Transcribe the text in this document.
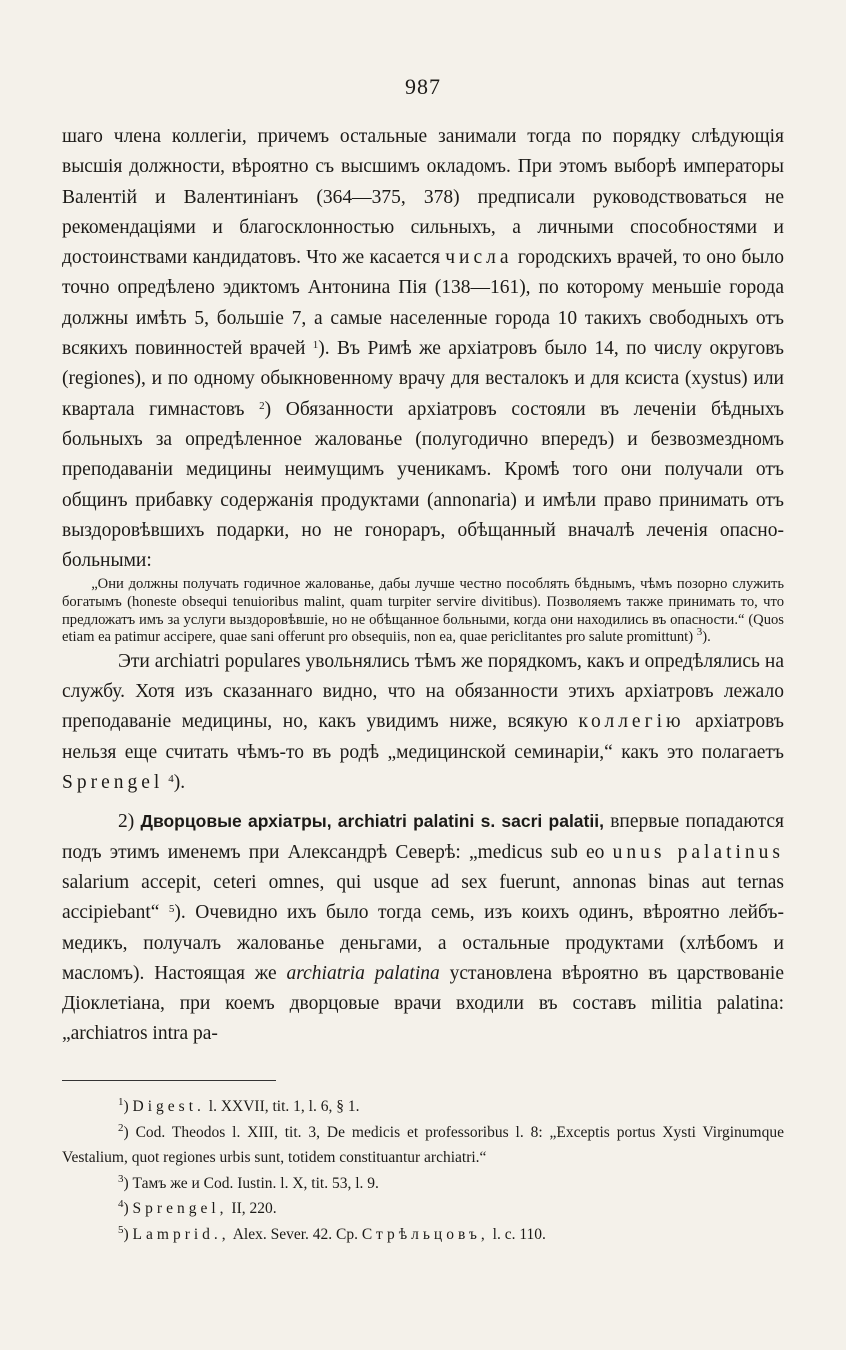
987

шаго члена коллегiи, причемъ остальные занимали тогда по порядку слѣдующiя высшiя должности, вѣроятно съ высшимъ окладомъ. При этомъ выборѣ императоры Валентiй и Валентинiанъ (364—375, 378) предписали руководствоваться не рекомендацiями и благосклонностью сильныхъ, а личными способностями и достоинствами кандидатовъ. Что же касается числа городскихъ врачей, то оно было точно опредѣлено эдиктомъ Антонина Пiя (138—161), по которому меньшiе города должны имѣть 5, большiе 7, а самые населенные города 10 такихъ свободныхъ отъ всякихъ повинностей врачей $^1$). Въ Римѣ же архiатровъ было 14, по числу округовъ (regiones), и по одному обыкновенному врачу для весталокъ и для ксиста (xystus) или квартала гимнастовъ $^2$) Обязанности архiатровъ состояли въ леченiи бѣдныхъ больныхъ за опредѣленное жалованье (полугодично впередъ) и безвозмездномъ преподаванiи медицины неимущимъ ученикамъ. Кромѣ того они получали отъ общинъ прибавку содержанiя продуктами (annonaria) и имѣли право принимать отъ выздоровѣвшихъ подарки, но не гонораръ, обѣщанный вначалѣ леченiя опасно-больными:

„Они должны получать годичное жалованье, дабы лучше честно пособлять бѣднымъ, чѣмъ позорно служить богатымъ (honeste obsequi tenuioribus malint, quam turpiter servire divitibus). Позволяемъ также принимать то, что предложатъ имъ за услуги выздоровѣвшiе, но не обѣщанное больными, когда они находились въ опасности.“ (Quos etiam ea patimur accipere, quae sani offerunt pro obsequiis, non ea, quae periclitantes pro salute promittunt) $^3$).

Эти archiatri populares увольнялись тѣмъ же порядкомъ, какъ и опредѣлялись на службу. Хотя изъ сказаннаго видно, что на обязанности этихъ архiатровъ лежало преподаванiе медицины, но, какъ увидимъ ниже, всякую коллегiю архiатровъ нельзя еще считать чѣмъ-то въ родѣ „медицинской семинарiи,“ какъ это полагаетъ Sprengel $^4$).

2) Дворцовые архiатры, archiatri palatini s. sacri palatii, впервые попадаются подъ этимъ именемъ при Александрѣ Северѣ: „medicus sub eo unus palatinus salarium accepit, ceteri omnes, qui usque ad sex fuerunt, annonas binas aut ternas accipiebant“ $^5$). Очевидно ихъ было тогда семь, изъ коихъ одинъ, вѣроятно лейбъ-медикъ, получалъ жалованье деньгами, а остальные продуктами (хлѣбомъ и масломъ). Настоящая же archiatria palatina установлена вѣроятно въ царствованiе Дiоклетiана, при коемъ дворцовые врачи входили въ составъ militia palatina: „archiatros intra pa-

$^1$) Digest. l. XXVII, tit. 1, l. 6, § 1.

$^2$) Cod. Theodos l. XIII, tit. 3, De medicis et professoribus l. 8: „Exceptis portus Xysti Virginumque Vestalium, quot regiones urbis sunt, totidem constituantur archiatri.“

$^3$) Тамъ же и Cod. Iustin. l. X, tit. 53, l. 9.

$^4$) Sprengel, II, 220.

$^5$) Lamprid., Alex. Sever. 42. Ср. Стрѣльцовъ, l. c. 110.
